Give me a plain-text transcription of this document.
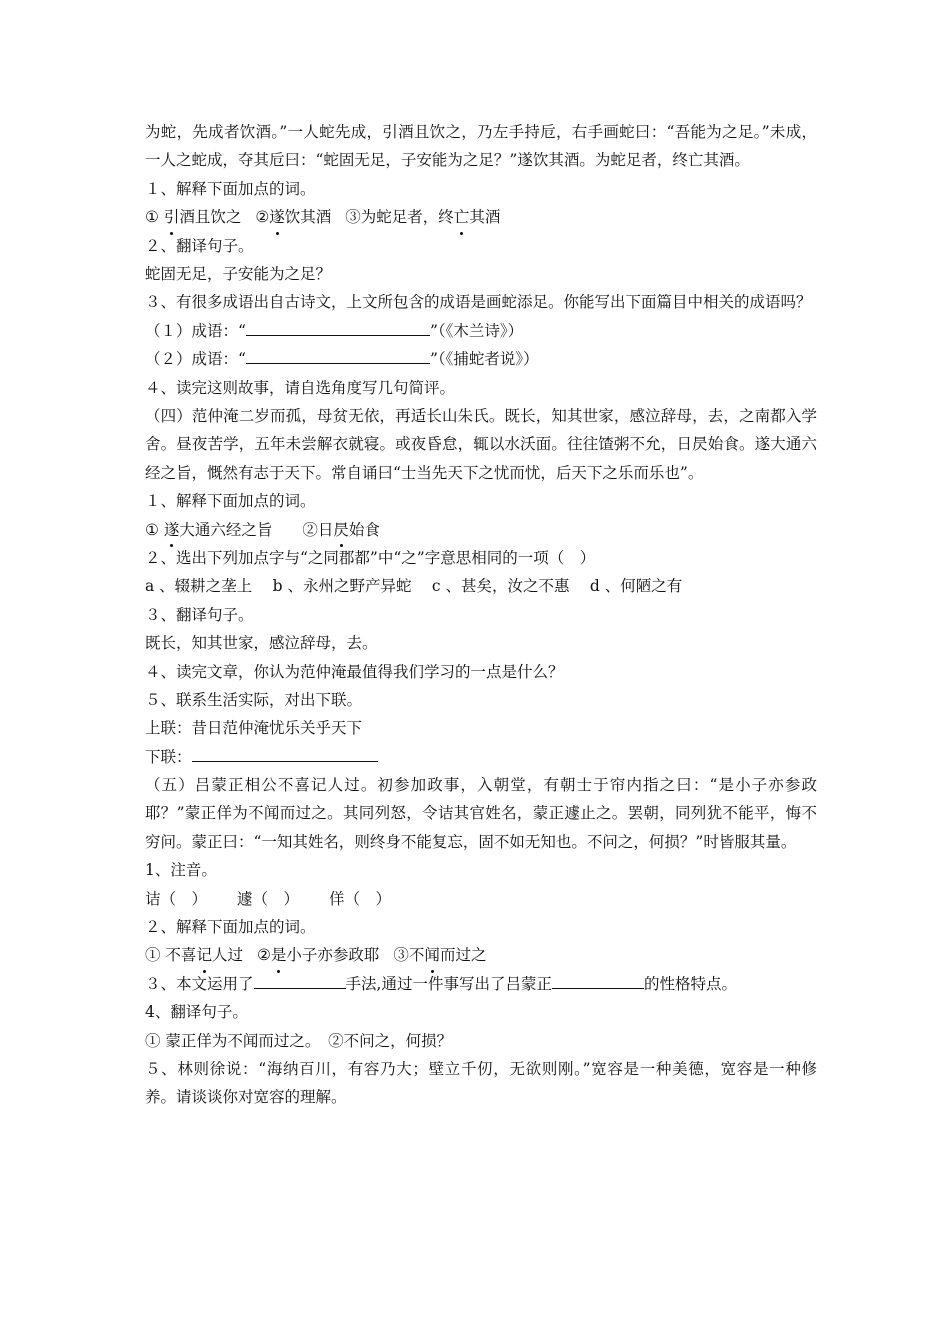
为蛇，先成者饮酒。”一人蛇先成，引酒且饮之，乃左手持卮，右手画蛇曰：“吾能为之足。”未成，一人之蛇成，夺其卮曰：“蛇固无足，子安能为之足？”遂饮其酒。为蛇足者，终亡其酒。
１、解释下面加点的词。
① 引酒且饮之 ②遂饮其酒 ③为蛇足者，终亡其酒
２、翻译句子。
蛇固无足，子安能为之足？
３、有很多成语出自古诗文，上文所包含的成语是画蛇添足。你能写出下面篇目中相关的成语吗？
（１）成语：“	”（《木兰诗》）
（２）成语：“	”（《捕蛇者说》）
４、读完这则故事，请自选角度写几句简评。
（四）范仲淹二岁而孤，母贫无依，再适长山朱氏。既长，知其世家，感泣辞母，去，之南都入学舍。昼夜苦学，五年未尝解衣就寝。或夜昏怠，辄以水沃面。往往馇粥不允，日昃始食。遂大通六经之旨，慨然有志于天下。常自诵曰“士当先天下之忧而忧，后天下之乐而乐也”。
１、解释下面加点的词。
① 遂大通六经之旨 ②日昃始食
２、选出下列加点字与“之同郡都”中“之”字意思相同的一项（　）
a 、辍耕之垄上　 b 、永州之野产异蛇　 c 、甚矣，汝之不惠　 d 、何陋之有
３、翻译句子。
既长，知其世家，感泣辞母，去。
４、读完文章，你认为范仲淹最值得我们学习的一点是什么？
５、联系生活实际，对出下联。
上联：昔日范仲淹忧乐关乎天下
下联：
（五）吕蒙正相公不喜记人过。初参加政事，入朝堂，有朝士于帘内指之曰：“是小子亦参政耶？”蒙正佯为不闻而过之。其同列怒，令诘其官姓名，蒙正遽止之。罢朝，同列犹不能平，悔不穷问。蒙正曰：“一知其姓名，则终身不能复忘，固不如无知也。不问之，何损？”时皆服其量。
1、注音。
诘（　） 遽（　） 佯（　）
２、解释下面加点的词。
① 不喜记人过 ②是小子亦参政耶 ③不闻而过之
３、本文运用了	手法,通过一件事写出了吕蒙正	的性格特点。
4、翻译句子。
① 蒙正佯为不闻而过之。　②不问之，何损？
５、林则徐说：“海纳百川，有容乃大；壁立千仞，无欲则刚。”宽容是一种美德，宽容是一种修养。请谈谈你对宽容的理解。
